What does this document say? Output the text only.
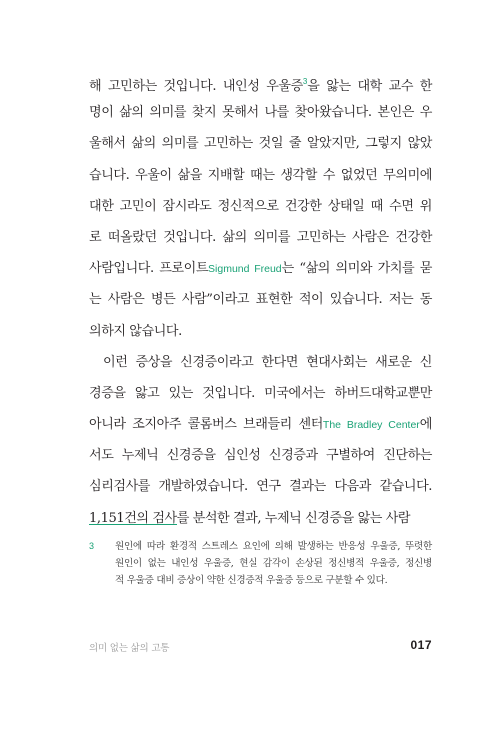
해 고민하는 것입니다. 내인성 우울증$^3$을 앓는 대학 교수 한
명이 삶의 의미를 찾지 못해서 나를 찾아왔습니다. 본인은 우
울해서 삶의 의미를 고민하는 것일 줄 알았지만, 그렇지 않았
습니다. 우울이 삶을 지배할 때는 생각할 수 없었던 무의미에
대한 고민이 잠시라도 정신적으로 건강한 상태일 때 수면 위
로 떠올랐던 것입니다. 삶의 의미를 고민하는 사람은 건강한
사람입니다. 프로이트Sigmund Freud는 “삶의 의미와 가치를 묻
는 사람은 병든 사람”이라고 표현한 적이 있습니다. 저는 동
의하지 않습니다.
이런 증상을 신경증이라고 한다면 현대사회는 새로운 신
경증을 앓고 있는 것입니다. 미국에서는 하버드대학교뿐만
아니라 조지아주 콜롬버스 브래들리 센터The Bradley Center에
서도 누제닉 신경증을 심인성 신경증과 구별하여 진단하는
심리검사를 개발하였습니다. 연구 결과는 다음과 같습니다.
1,151건의 검사를 분석한 결과, 누제닉 신경증을 앓는 사람
3 원인에 따라 환경적 스트레스 요인에 의해 발생하는 반응성 우울증, 뚜렷한
원인이 없는 내인성 우울증, 현실 감각이 손상된 정신병적 우울증, 정신병
적 우울증 대비 증상이 약한 신경증적 우울증 등으로 구분할 수 있다.
의미 없는 삶의 고통	017
